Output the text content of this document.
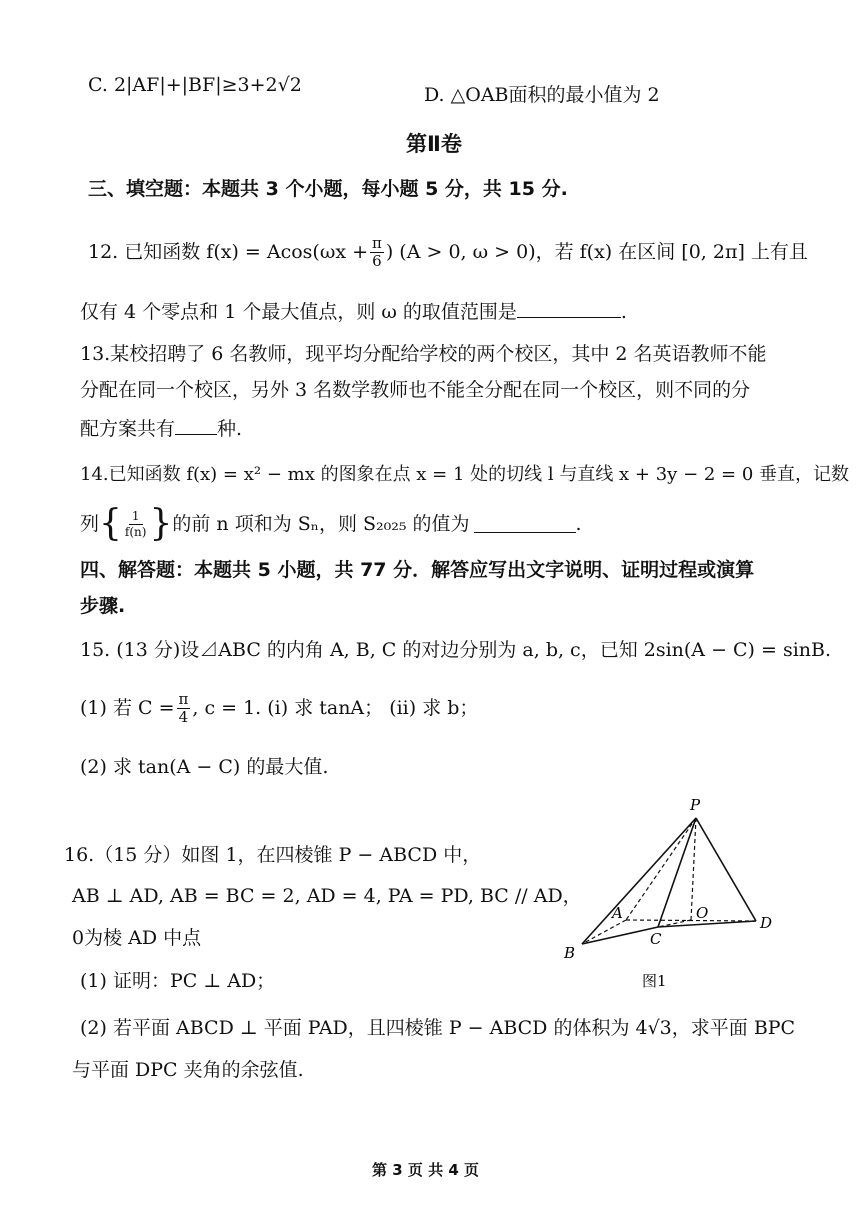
C. 2|AF|+|BF|≥3+2√2	D. △OAB面积的最小值为 2
第Ⅱ卷
三、填空题：本题共 3 个小题，每小题 5 分，共 15 分.
12. 已知函数 $f(x) = Acos(\omega x + \frac{\pi}{6}$ ) (A > 0, ω > 0)，若 f(x) 在区间 [0, 2π] 上有且
仅有 4 个零点和 1 个最大值点，则 ω 的取值范围是	.
13.某校招聘了 6 名教师，现平均分配给学校的两个校区，其中 2 名英语教师不能
分配在同一个校区，另外 3 名数学教师也不能全分配在同一个校区，则不同的分
配方案共有 种.
14.已知函数 f(x) = x² − mx 的图象在点 x = 1 处的切线 l 与直线 x + 3y − 2 = 0 垂直，记数
列 { $\frac{1}{f(n)}$ } 的前 n 项和为 Sₙ，则 S₂₀₂₅ 的值为	.
四、解答题：本题共 5 小题，共 77 分．解答应写出文字说明、证明过程或演算
步骤.
15. (13 分)设⊿ABC 的内角 A, B, C 的对边分别为 a, b, c，已知 2sin(A − C) = sinB.
(1) 若 $C = \frac{\pi}{4}$ , c = 1. (i) 求 tanA； (ii) 求 b；
(2) 求 tan(A − C) 的最大值.
16.（15 分）如图 1，在四棱锥 P − ABCD 中，
AB ⊥ AD, AB = BC = 2, AD = 4, PA = PD, BC // AD，
0为棱 AD 中点
(1) 证明：PC ⊥ AD；
(2) 若平面 ABCD ⊥ 平面 PAD，且四棱锥 P − ABCD 的体积为 4√3，求平面 BPC
与平面 DPC 夹角的余弦值.
P
A	O
D
B
C
图1
第 3 页 共 4 页
